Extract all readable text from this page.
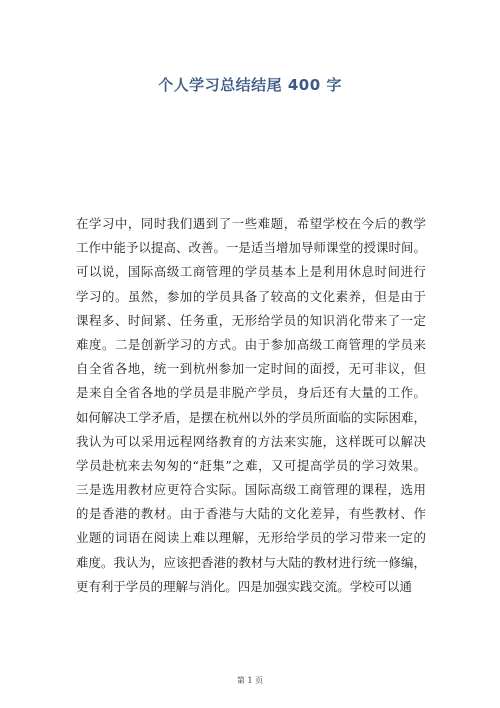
个人学习总结结尾 400 字
在学习中，同时我们遇到了一些难题，希望学校在今后的教学
工作中能予以提高、改善。一是适当增加导师课堂的授课时间。
可以说，国际高级工商管理的学员基本上是利用休息时间进行
学习的。虽然，参加的学员具备了较高的文化素养，但是由于
课程多、时间紧、任务重，无形给学员的知识消化带来了一定
难度。二是创新学习的方式。由于参加高级工商管理的学员来
自全省各地，统一到杭州参加一定时间的面授，无可非议，但
是来自全省各地的学员是非脱产学员，身后还有大量的工作。
如何解决工学矛盾，是摆在杭州以外的学员所面临的实际困难，
我认为可以采用远程网络教育的方法来实施，这样既可以解决
学员赴杭来去匆匆的“赶集”之难，又可提高学员的学习效果。
三是选用教材应更符合实际。国际高级工商管理的课程，选用
的是香港的教材。由于香港与大陆的文化差异，有些教材、作
业题的词语在阅读上难以理解，无形给学员的学习带来一定的
难度。我认为，应该把香港的教材与大陆的教材进行统一修编，
更有利于学员的理解与消化。四是加强实践交流。学校可以通
第 1 页
